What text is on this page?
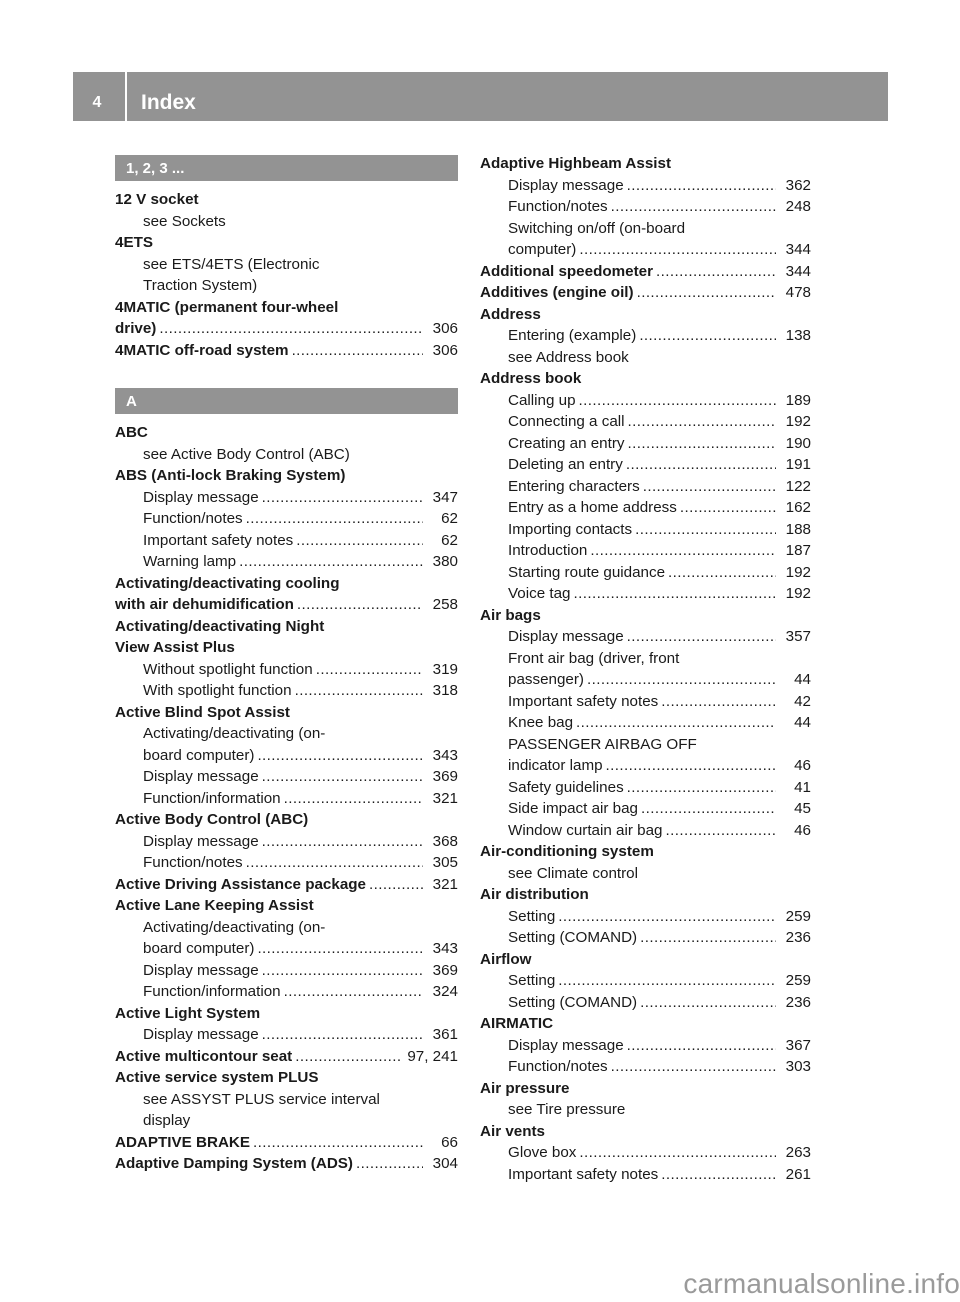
4	Index
1, 2, 3 ...
12 V socket
see Sockets
4ETS
see ETS/4ETS (Electronic
Traction System)
4MATIC (permanent four-wheel
drive) .....	306
4MATIC off-road system .....	306
A
ABC
see Active Body Control (ABC)
ABS (Anti-lock Braking System)
Display message .....	347
Function/notes .....	62
Important safety notes .....	62
Warning lamp .....	380
Activating/deactivating cooling
with air dehumidification .....	258
Activating/deactivating Night
View Assist Plus
Without spotlight function .....	319
With spotlight function .....	318
Active Blind Spot Assist
Activating/deactivating (on-
board computer) .....	343
Display message .....	369
Function/information .....	321
Active Body Control (ABC)
Display message .....	368
Function/notes .....	305
Active Driving Assistance package .....	321
Active Lane Keeping Assist
Activating/deactivating (on-
board computer) .....	343
Display message .....	369
Function/information .....	324
Active Light System
Display message .....	361
Active multicontour seat .....	97, 241
Active service system PLUS
see ASSYST PLUS service interval
display
ADAPTIVE BRAKE .....	66
Adaptive Damping System (ADS) .....	304
Adaptive Highbeam Assist
Display message .....	362
Function/notes .....	248
Switching on/off (on-board
computer) .....	344
Additional speedometer .....	344
Additives (engine oil) .....	478
Address
Entering (example) .....	138
see Address book
Address book
Calling up .....	189
Connecting a call .....	192
Creating an entry .....	190
Deleting an entry .....	191
Entering characters .....	122
Entry as a home address .....	162
Importing contacts .....	188
Introduction .....	187
Starting route guidance .....	192
Voice tag .....	192
Air bags
Display message .....	357
Front air bag (driver, front
passenger) .....	44
Important safety notes .....	42
Knee bag .....	44
PASSENGER AIRBAG OFF
indicator lamp .....	46
Safety guidelines .....	41
Side impact air bag .....	45
Window curtain air bag .....	46
Air-conditioning system
see Climate control
Air distribution
Setting .....	259
Setting (COMAND) .....	236
Airflow
Setting .....	259
Setting (COMAND) .....	236
AIRMATIC
Display message .....	367
Function/notes .....	303
Air pressure
see Tire pressure
Air vents
Glove box .....	263
Important safety notes .....	261
carmanualsonline.info
